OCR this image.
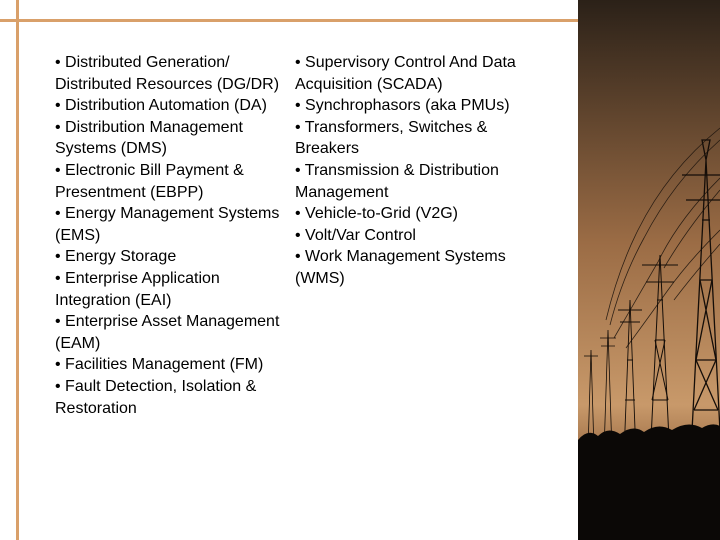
• Distributed Generation/ Distributed Resources (DG/DR)

• Distribution Automation (DA)

• Distribution Management Systems (DMS)

• Electronic Bill Payment & Presentment (EBPP)

• Energy Management Systems (EMS)

• Energy Storage

• Enterprise Application Integration (EAI)

• Enterprise Asset Management (EAM)

• Facilities Management (FM)

• Fault Detection, Isolation & Restoration

• Supervisory Control And Data Acquisition (SCADA)

• Synchrophasors (aka PMUs)

• Transformers, Switches & Breakers

• Transmission & Distribution Management

• Vehicle-to-Grid (V2G)

• Volt/Var Control

• Work Management Systems (WMS)
